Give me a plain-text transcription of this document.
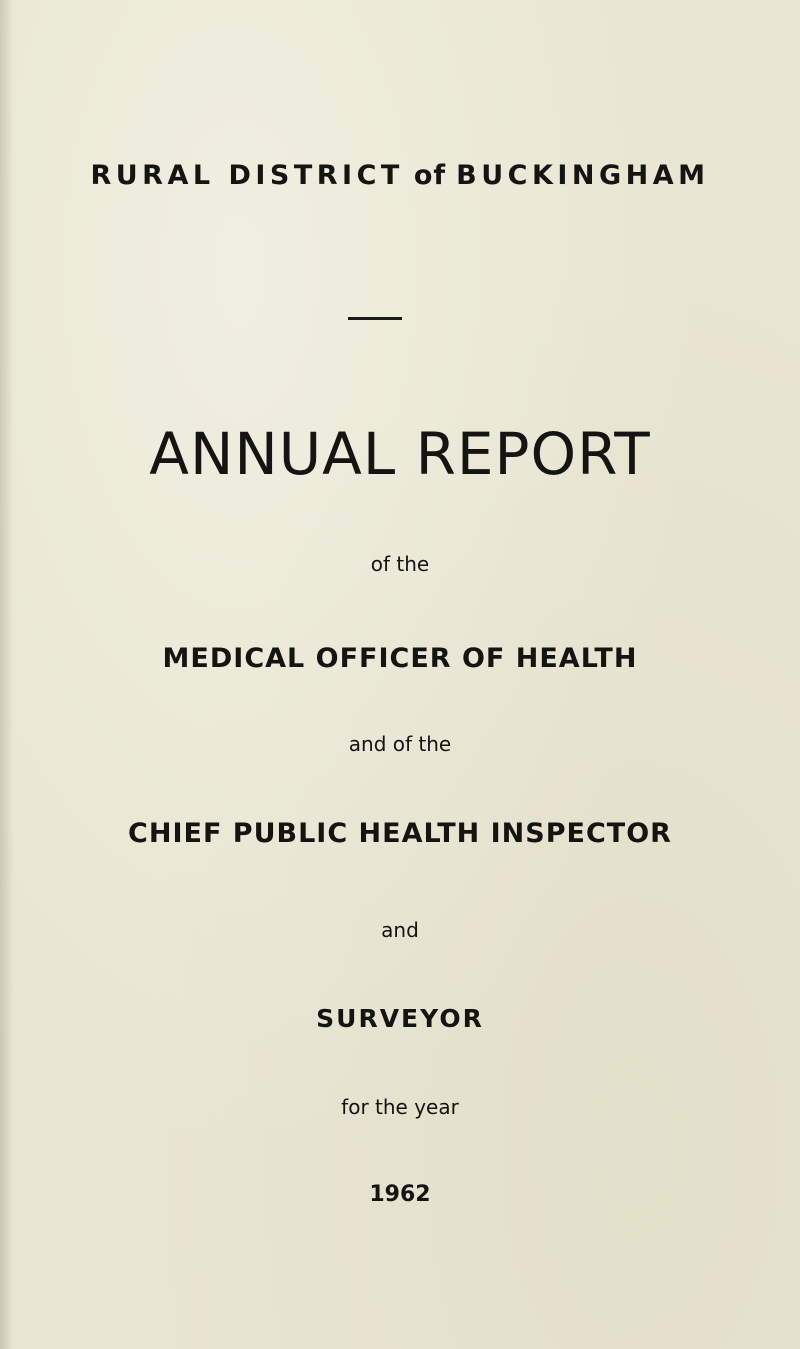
RURAL DISTRICT of BUCKINGHAM
ANNUAL REPORT
of the
MEDICAL OFFICER OF HEALTH
and of the
CHIEF PUBLIC HEALTH INSPECTOR
and
SURVEYOR
for the year
1962
